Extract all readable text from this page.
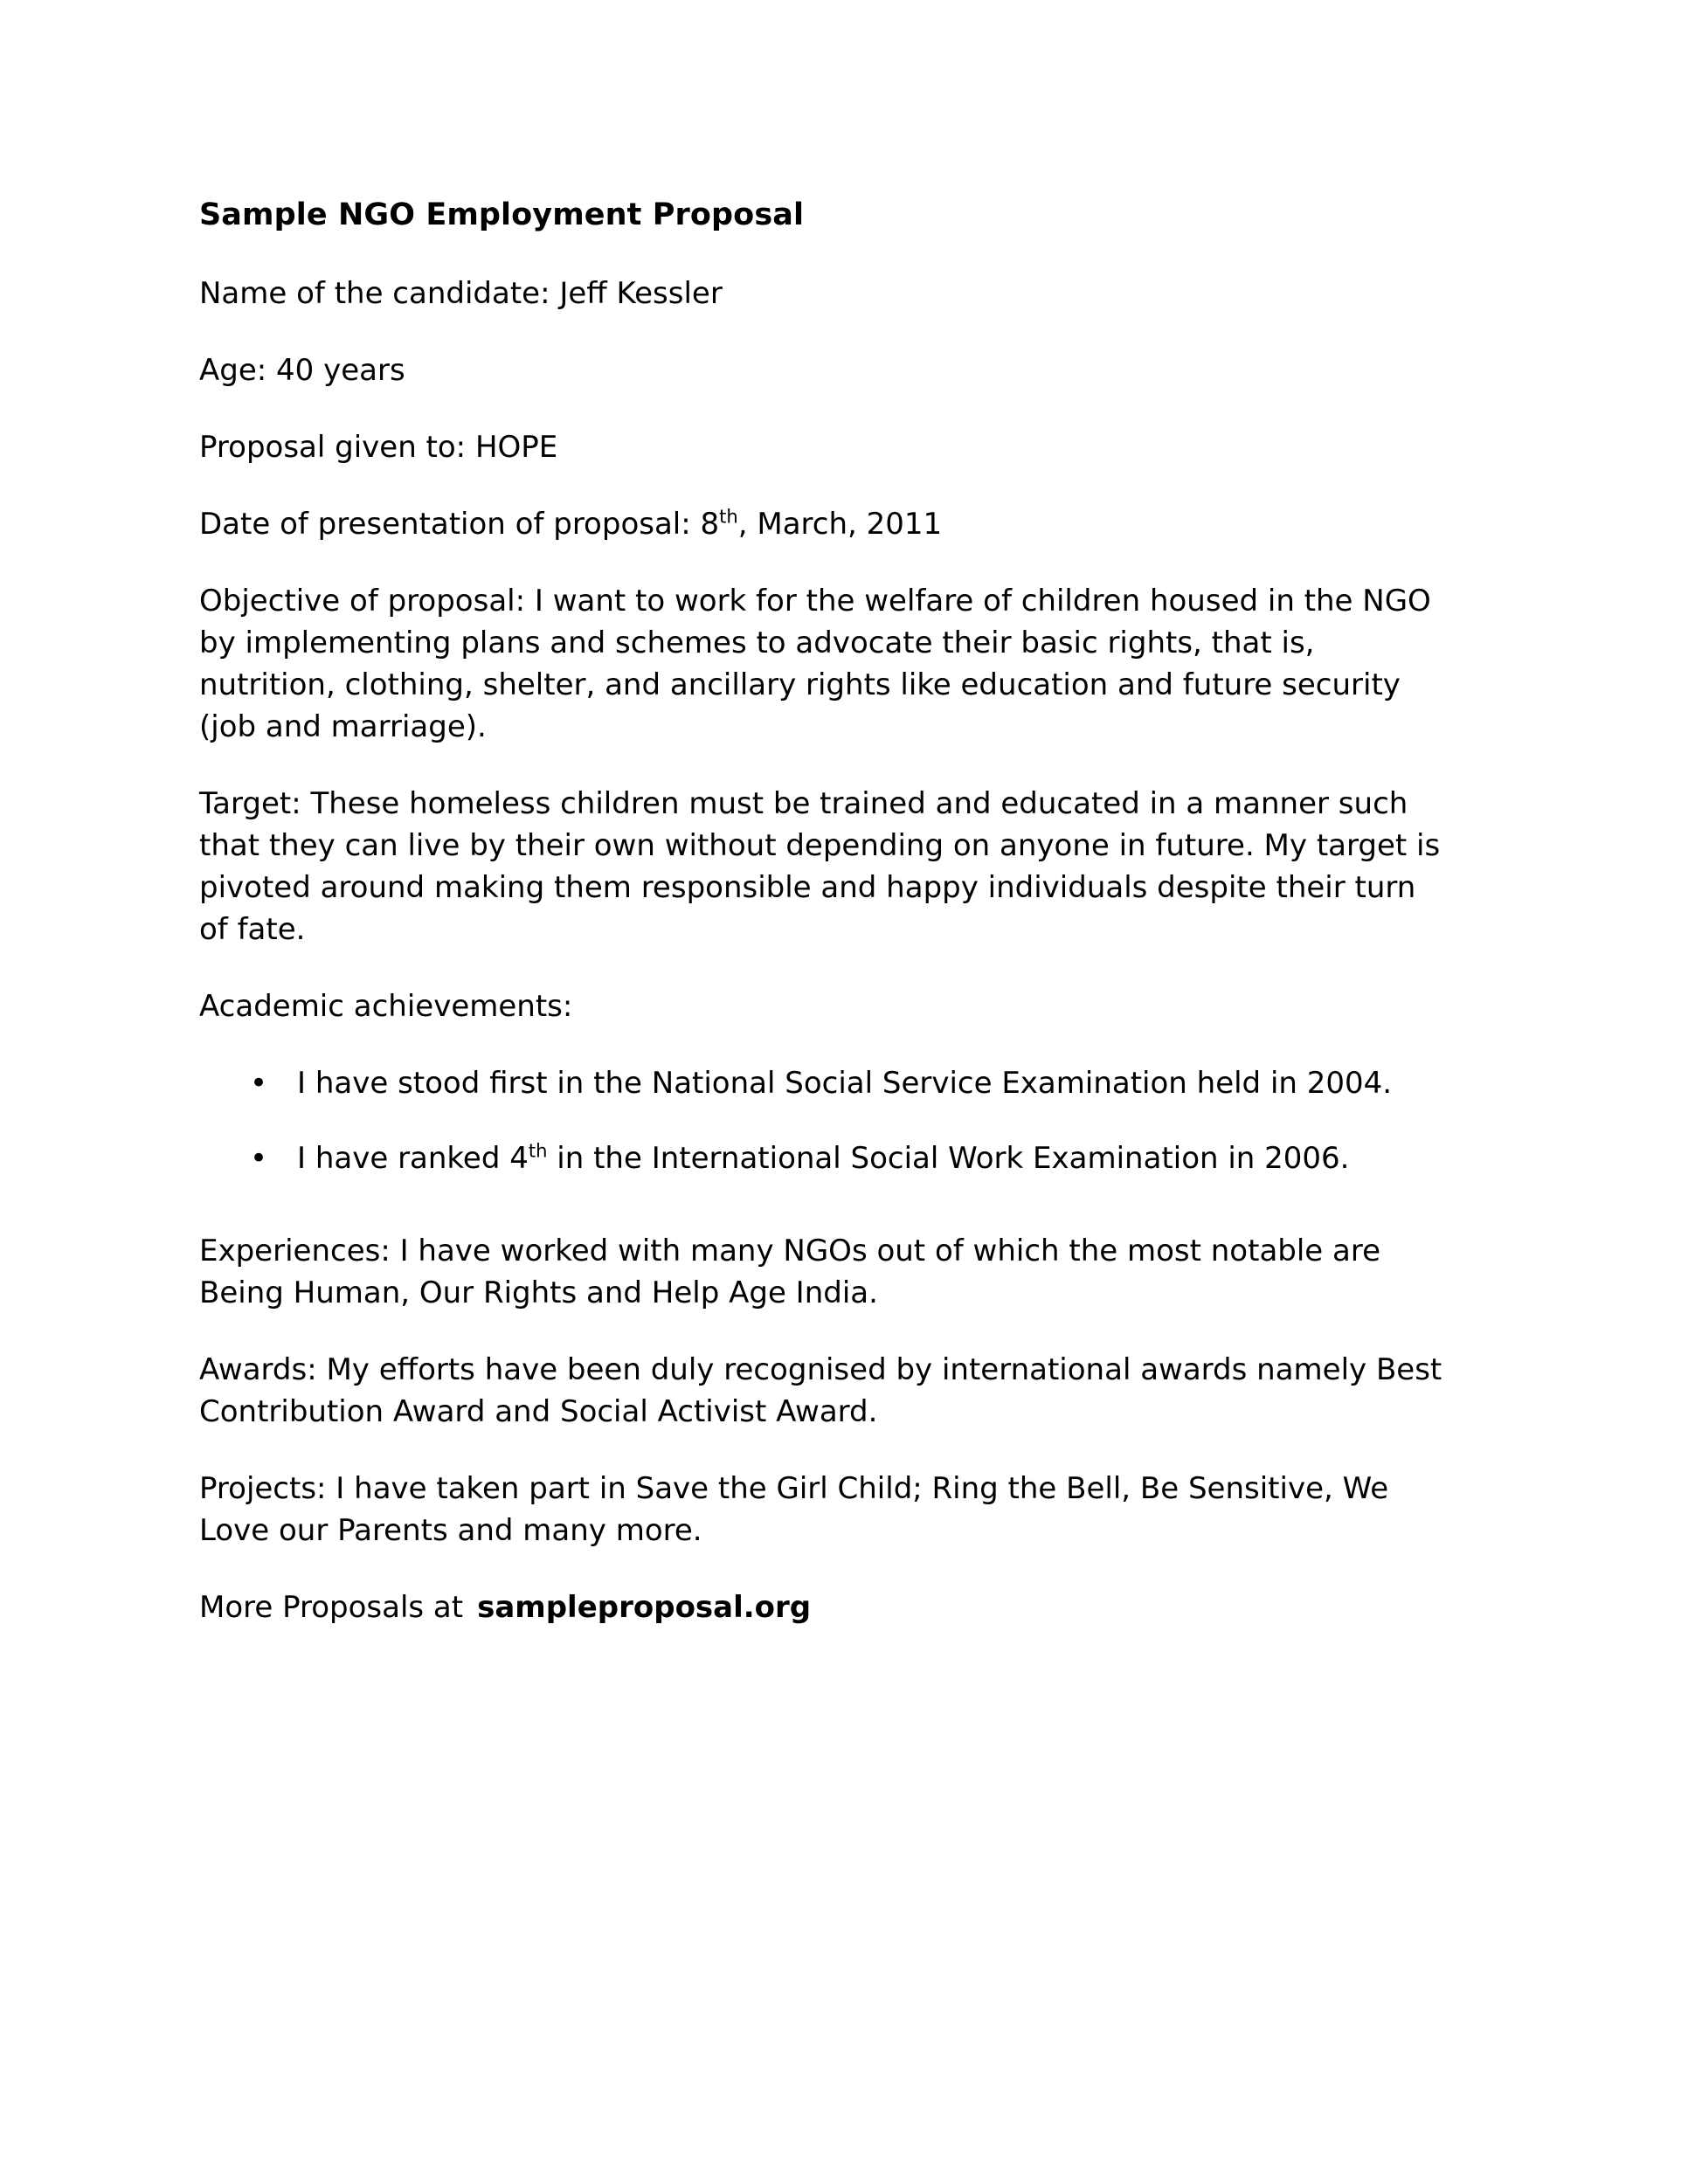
Sample NGO Employment Proposal

Name of the candidate: Jeff Kessler

Age: 40 years

Proposal given to: HOPE

Date of presentation of proposal: 8th, March, 2011

Objective of proposal: I want to work for the welfare of children housed in the NGO by implementing plans and schemes to advocate their basic rights, that is, nutrition, clothing, shelter, and ancillary rights like education and future security (job and marriage).

Target: These homeless children must be trained and educated in a manner such that they can live by their own without depending on anyone in future. My target is pivoted around making them responsible and happy individuals despite their turn of fate.

Academic achievements:

• I have stood first in the National Social Service Examination held in 2004.
• I have ranked 4th in the International Social Work Examination in 2006.

Experiences: I have worked with many NGOs out of which the most notable are Being Human, Our Rights and Help Age India.

Awards: My efforts have been duly recognised by international awards namely Best Contribution Award and Social Activist Award.

Projects: I have taken part in Save the Girl Child; Ring the Bell, Be Sensitive, We Love our Parents and many more.

More Proposals at sampleproposal.org
